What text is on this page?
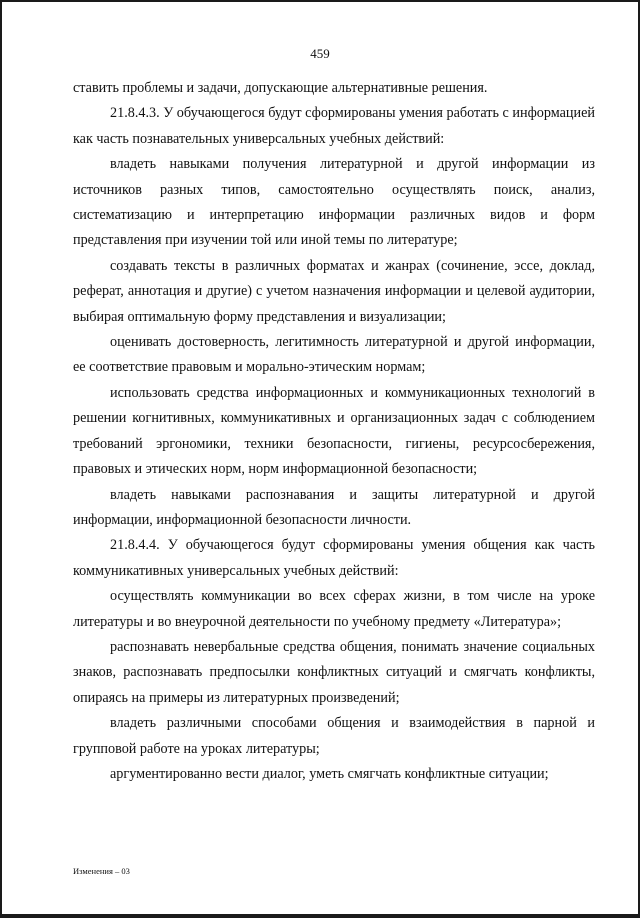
459

ставить проблемы и задачи, допускающие альтернативные решения.

21.8.4.3. У обучающегося будут сформированы умения работать с информацией как часть познавательных универсальных учебных действий:

владеть навыками получения литературной и другой информации из источников разных типов, самостоятельно осуществлять поиск, анализ, систематизацию и интерпретацию информации различных видов и форм представления при изучении той или иной темы по литературе;

создавать тексты в различных форматах и жанрах (сочинение, эссе, доклад, реферат, аннотация и другие) с учетом назначения информации и целевой аудитории, выбирая оптимальную форму представления и визуализации;

оценивать достоверность, легитимность литературной и другой информации, ее соответствие правовым и морально-этическим нормам;

использовать средства информационных и коммуникационных технологий в решении когнитивных, коммуникативных и организационных задач с соблюдением требований эргономики, техники безопасности, гигиены, ресурсосбережения, правовых и этических норм, норм информационной безопасности;

владеть навыками распознавания и защиты литературной и другой информации, информационной безопасности личности.

21.8.4.4. У обучающегося будут сформированы умения общения как часть коммуникативных универсальных учебных действий:

осуществлять коммуникации во всех сферах жизни, в том числе на уроке литературы и во внеурочной деятельности по учебному предмету «Литература»;

распознавать невербальные средства общения, понимать значение социальных знаков, распознавать предпосылки конфликтных ситуаций и смягчать конфликты, опираясь на примеры из литературных произведений;

владеть различными способами общения и взаимодействия в парной и групповой работе на уроках литературы;

аргументированно вести диалог, уметь смягчать конфликтные ситуации;

Изменения – 03
